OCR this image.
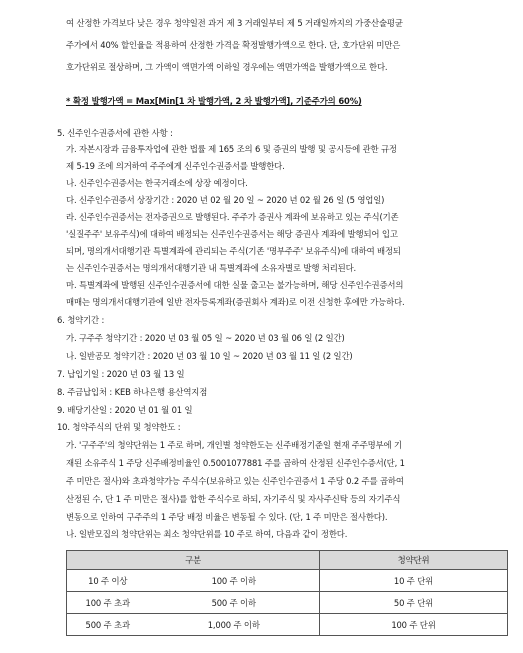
여 산정한 가격보다 낮은 경우 청약일전 과거 제 3 거래일부터 제 5 거래일까지의 가중산술평균
주가에서 40% 할인율을 적용하여 산정한 가격을 확정발행가액으로 한다. 단, 호가단위 미만은
호가단위로 절상하며, 그 가액이 액면가액 이하일 경우에는 액면가액을 발행가액으로 한다.
* 확정 발행가액 = Max[Min[1 차 발행가액, 2 차 발행가액], 기준주가의 60%)
5. 신주인수권증서에 관한 사항 :
가. 자본시장과 금융투자업에 관한 법률 제 165 조의 6 및 증권의 발행 및 공시등에 관한 규정
제 5-19 조에 의거하여 주주에게 신주인수권증서를 발행한다.
나. 신주인수권증서는 한국거래소에 상장 예정이다.
다. 신주인수권증서 상장기간 : 2020 년 02 월 20 일 ~ 2020 년 02 월 26 일 (5 영업일)
라. 신주인수권증서는 전자증권으로 발행된다. 주주가 증권사 계좌에 보유하고 있는 주식(기존
'실질주주' 보유주식)에 대하여 배정되는 신주인수권증서는 해당 증권사 계좌에 발행되어 입고
되며, 명의개서대행기관 특별계좌에 관리되는 주식(기존 '명부주주' 보유주식)에 대하여 배정되
는 신주인수권증서는 명의개서대행기관 내 특별계좌에 소유자별로 발행 처리된다.
마. 특별계좌에 발행된 신주인수권증서에 대한 실물 출고는 불가능하며, 해당 신주인수권증서의
매매는 명의개서대행기관에 일반 전자등록계좌(증권회사 계좌)로 이전 신청한 후에만 가능하다.
6. 청약기간 :
가. 구주주 청약기간 : 2020 년 03 월 05 일 ~ 2020 년 03 월 06 일 (2 일간)
나. 일반공모 청약기간 : 2020 년 03 월 10 일 ~ 2020 년 03 월 11 일 (2 일간)
7. 납입기일 : 2020 년 03 월 13 일
8. 주금납입처 : KEB 하나은행 용산역지점
9. 배당기산일 : 2020 년 01 월 01 일
10. 청약주식의 단위 및 청약한도 :
가. '구주주'의 청약단위는 1 주로 하며, 개인별 청약한도는 신주배정기준일 현재 주주명부에 기
재된 소유주식 1 주당 신주배정비율인 0.5001077881 주를 곱하여 산정된 신주인수증서(단, 1
주 미만은 절사)와 초과청약가능 주식수(보유하고 있는 신주인수권증서 1 주당 0.2 주를 곱하여
산정된 수, 단 1 주 미만은 절사)를 합한 주식수로 하되, 자기주식 및 자사주신탁 등의 자기주식
변동으로 인하여 구주주의 1 주당 배정 비율은 변동될 수 있다. (단, 1 주 미만은 절사한다).
나. 일반모집의 청약단위는 최소 청약단위를 10 주로 하여, 다음과 같이 정한다.
구분		청약단위
10 주 이상	100 주 이하	10 주 단위
100 주 초과	500 주 이하	50 주 단위
500 주 초과	1,000 주 이하	100 주 단위
